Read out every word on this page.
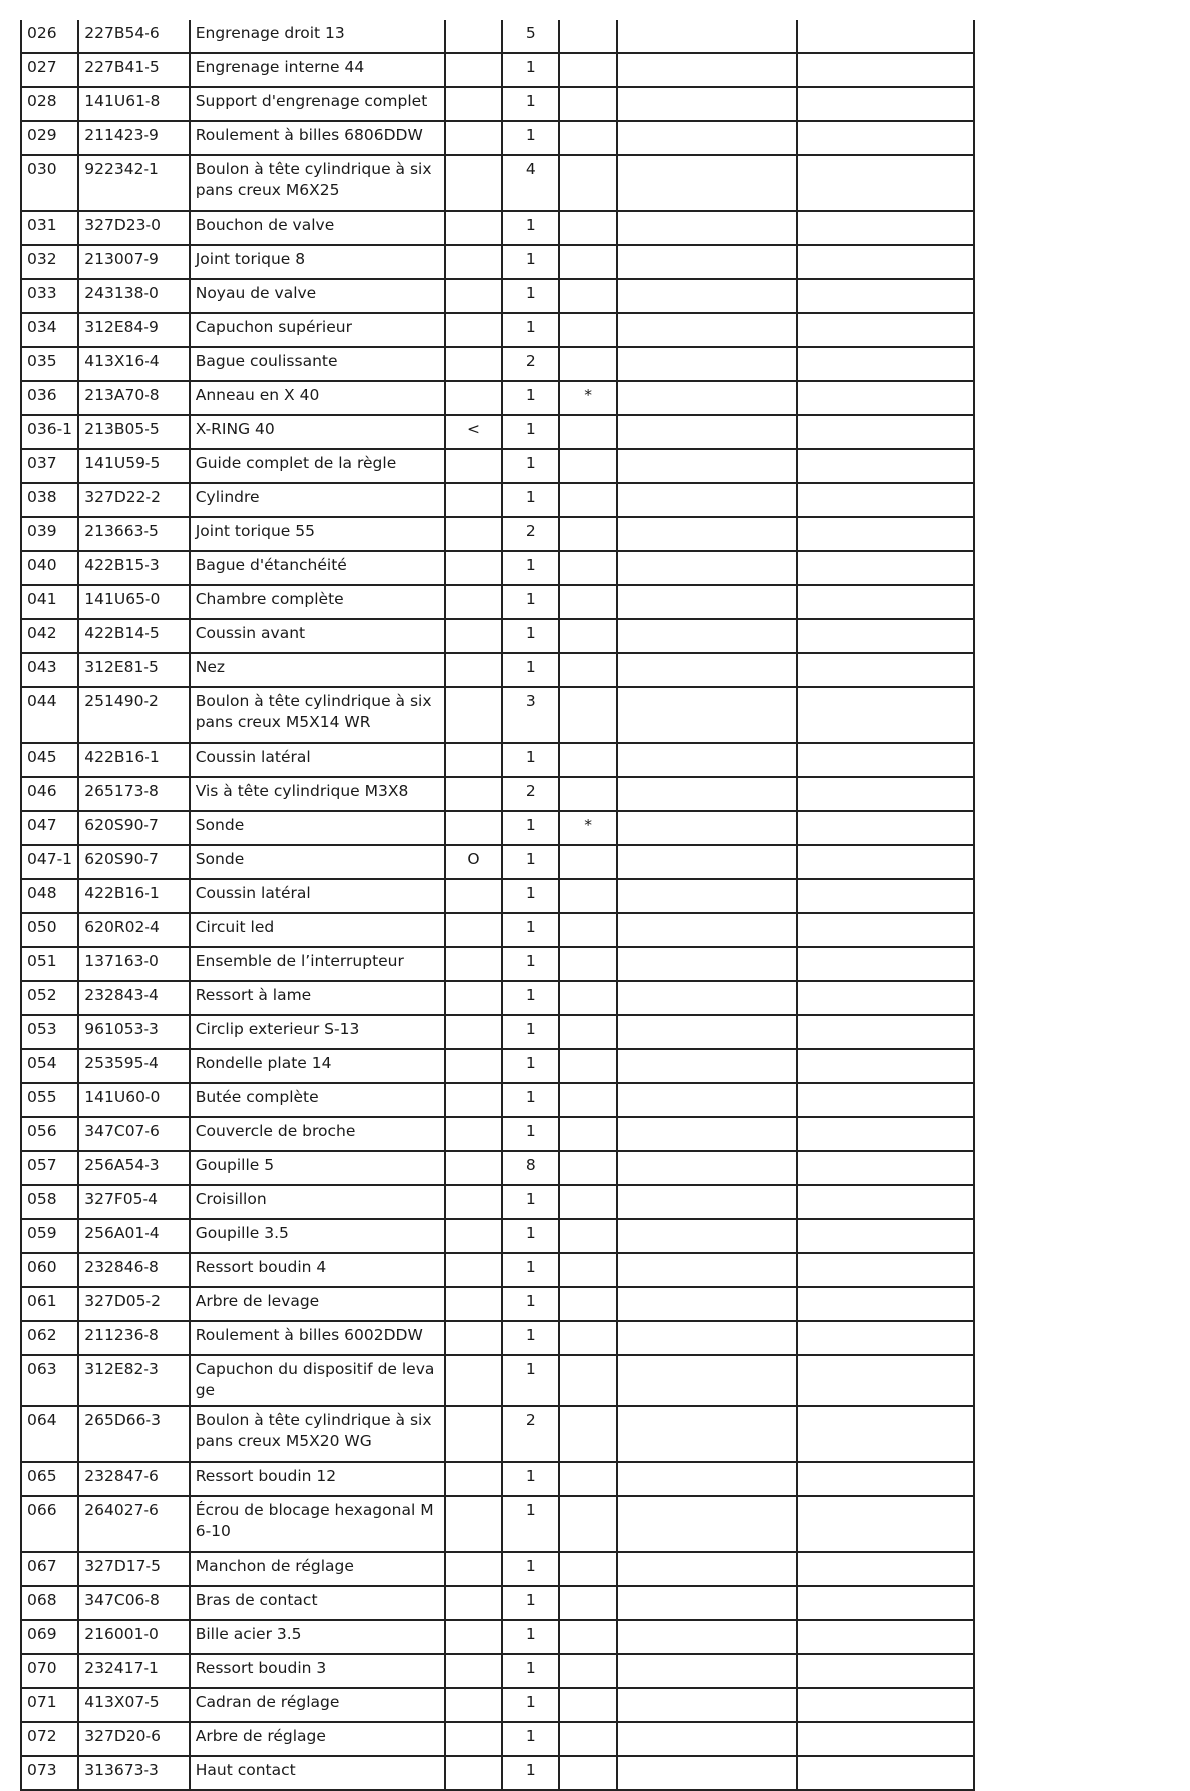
026	227B54-6	Engrenage droit 13		5			
027	227B41-5	Engrenage interne 44		1			
028	141U61-8	Support d'engrenage complet		1			
029	211423-9	Roulement à billes 6806DDW		1			
030	922342-1	Boulon à tête cylindrique à six pans creux M6X25		4			
031	327D23-0	Bouchon de valve		1			
032	213007-9	Joint torique 8		1			
033	243138-0	Noyau de valve		1			
034	312E84-9	Capuchon supérieur		1			
035	413X16-4	Bague coulissante		2			
036	213A70-8	Anneau en X 40		1	*		
036-1	213B05-5	X-RING 40	<	1			
037	141U59-5	Guide complet de la règle		1			
038	327D22-2	Cylindre		1			
039	213663-5	Joint torique 55		2			
040	422B15-3	Bague d'étanchéité		1			
041	141U65-0	Chambre complète		1			
042	422B14-5	Coussin avant		1			
043	312E81-5	Nez		1			
044	251490-2	Boulon à tête cylindrique à six pans creux M5X14 WR		3			
045	422B16-1	Coussin latéral		1			
046	265173-8	Vis à tête cylindrique M3X8		2			
047	620S90-7	Sonde		1	*		
047-1	620S90-7	Sonde	O	1			
048	422B16-1	Coussin latéral		1			
050	620R02-4	Circuit led		1			
051	137163-0	Ensemble de l’interrupteur		1			
052	232843-4	Ressort à lame		1			
053	961053-3	Circlip exterieur S-13		1			
054	253595-4	Rondelle plate 14		1			
055	141U60-0	Butée complète		1			
056	347C07-6	Couvercle de broche		1			
057	256A54-3	Goupille 5		8			
058	327F05-4	Croisillon		1			
059	256A01-4	Goupille 3.5		1			
060	232846-8	Ressort boudin 4		1			
061	327D05-2	Arbre de levage		1			
062	211236-8	Roulement à billes 6002DDW		1			
063	312E82-3	Capuchon du dispositif de levage		1			
064	265D66-3	Boulon à tête cylindrique à six pans creux M5X20 WG		2			
065	232847-6	Ressort boudin 12		1			
066	264027-6	Écrou de blocage hexagonal M6-10		1			
067	327D17-5	Manchon de réglage		1			
068	347C06-8	Bras de contact		1			
069	216001-0	Bille acier 3.5		1			
070	232417-1	Ressort boudin 3		1			
071	413X07-5	Cadran de réglage		1			
072	327D20-6	Arbre de réglage		1			
073	313673-3	Haut contact		1			
